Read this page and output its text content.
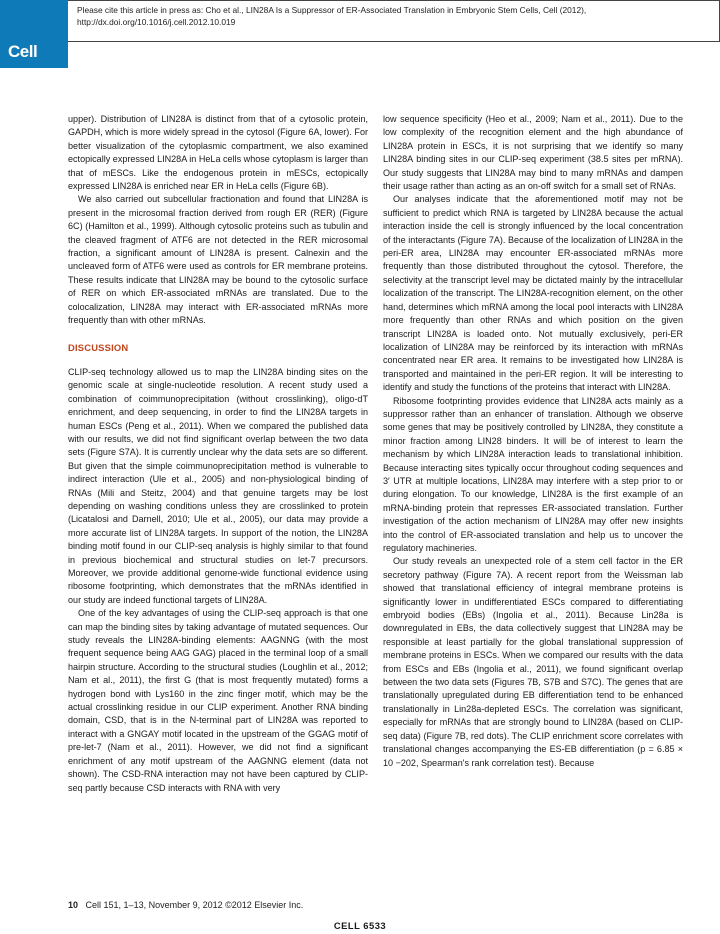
Cell
Please cite this article in press as: Cho et al., LIN28A Is a Suppressor of ER-Associated Translation in Embryonic Stem Cells, Cell (2012),
http://dx.doi.org/10.1016/j.cell.2012.10.019

upper). Distribution of LIN28A is distinct from that of a cytosolic protein, GAPDH, which is more widely spread in the cytosol (Figure 6A, lower). For better visualization of the cytoplasmic compartment, we also examined ectopically expressed LIN28A in HeLa cells whose cytoplasm is larger than that of mESCs. Like the endogenous protein in mESCs, ectopically expressed LIN28A is enriched near ER in HeLa cells (Figure 6B).

We also carried out subcellular fractionation and found that LIN28A is present in the microsomal fraction derived from rough ER (RER) (Figure 6C) (Hamilton et al., 1999). Although cytosolic proteins such as tubulin and the cleaved fragment of ATF6 are not detected in the RER microsomal fraction, a significant amount of LIN28A is present. Calnexin and the uncleaved form of ATF6 were used as controls for ER membrane proteins. These results indicate that LIN28A may be bound to the cytosolic surface of RER on which ER-associated mRNAs are translated. Due to the colocalization, LIN28A may interact with ER-associated mRNAs more frequently than with other mRNAs.

DISCUSSION

CLIP-seq technology allowed us to map the LIN28A binding sites on the genomic scale at single-nucleotide resolution. A recent study used a combination of coimmunoprecipitation (without crosslinking), oligo-dT enrichment, and deep sequencing, in order to find the LIN28A targets in human ESCs (Peng et al., 2011). When we compared the published data with our results, we did not find significant overlap between the two data sets (Figure S7A). It is currently unclear why the data sets are so different. But given that the simple coimmunoprecipitation method is vulnerable to indirect interaction (Ule et al., 2005) and non-physiological binding of RNAs (Mili and Steitz, 2004) and that genuine targets may be lost depending on washing conditions unless they are crosslinked to protein (Licatalosi and Darnell, 2010; Ule et al., 2005), our data may provide a more accurate list of LIN28A targets. In support of the notion, the LIN28A binding motif found in our CLIP-seq analysis is highly similar to that found in previous biochemical and structural studies on let-7 precursors. Moreover, we provide additional genome-wide functional evidence using ribosome footprinting, which demonstrates that the mRNAs identified in our study are indeed functional targets of LIN28A.

One of the key advantages of using the CLIP-seq approach is that one can map the binding sites by taking advantage of mutated sequences. Our study reveals the LIN28A-binding elements: AAGNNG (with the most frequent sequence being AAG GAG) placed in the terminal loop of a small hairpin structure. According to the structural studies (Loughlin et al., 2012; Nam et al., 2011), the first G (that is most frequently mutated) forms a hydrogen bond with Lys160 in the zinc finger motif, which may be the actual crosslinking residue in our CLIP experiment. Another RNA binding domain, CSD, that is in the N-terminal part of LIN28A was reported to interact with a GNGAY motif located in the upstream of the GGAG motif of pre-let-7 (Nam et al., 2011). However, we did not find a significant enrichment of any motif upstream of the AAGNNG element (data not shown). The CSD-RNA interaction may not have been captured by CLIP-seq partly because CSD interacts with RNA with very

low sequence specificity (Heo et al., 2009; Nam et al., 2011). Due to the low complexity of the recognition element and the high abundance of LIN28A protein in ESCs, it is not surprising that we identify so many LIN28A binding sites in our CLIP-seq experiment (38.5 sites per mRNA). Our study suggests that LIN28A may bind to many mRNAs and dampen their usage rather than acting as an on-off switch for a small set of RNAs.

Our analyses indicate that the aforementioned motif may not be sufficient to predict which RNA is targeted by LIN28A because the actual interaction inside the cell is strongly influenced by the local concentration of the interactants (Figure 7A). Because of the localization of LIN28A in the peri-ER area, LIN28A may encounter ER-associated mRNAs more frequently than those distributed throughout the cytosol. Therefore, the selectivity at the transcript level may be dictated mainly by the intracellular localization of the transcript. The LIN28A-recognition element, on the other hand, determines which mRNA among the local pool interacts with LIN28A more frequently than other RNAs and which position on the given transcript LIN28A is loaded onto. Not mutually exclusively, peri-ER localization of LIN28A may be reinforced by its interaction with mRNAs concentrated near ER area. It remains to be investigated how LIN28A is transported and maintained in the peri-ER region. It will be interesting to identify and study the functions of the proteins that interact with LIN28A.

Ribosome footprinting provides evidence that LIN28A acts mainly as a suppressor rather than an enhancer of translation. Although we observe some genes that may be positively controlled by LIN28A, they constitute a minor fraction among LIN28 binders. It will be of interest to learn the mechanism by which LIN28A interaction leads to translational inhibition. Because interacting sites typically occur throughout coding sequences and 3′ UTR at multiple locations, LIN28A may interfere with a step prior to or during elongation. To our knowledge, LIN28A is the first example of an mRNA-binding protein that represses ER-associated translation. Further investigation of the action mechanism of LIN28A may offer new insights into the control of ER-associated translation and help us to uncover the regulatory machineries.

Our study reveals an unexpected role of a stem cell factor in the ER secretory pathway (Figure 7A). A recent report from the Weissman lab showed that translational efficiency of integral membrane proteins is significantly lower in undifferentiated ESCs compared to differentiating embryoid bodies (EBs) (Ingolia et al., 2011). Because Lin28a is downregulated in EBs, the data collectively suggest that LIN28A may be responsible at least partially for the global translational suppression of membrane proteins in ESCs. When we compared our results with the data from ESCs and EBs (Ingolia et al., 2011), we found significant overlap between the two data sets (Figures 7B, S7B and S7C). The genes that are translationally upregulated during EB differentiation tend to be enhanced translationally in Lin28a-depleted ESCs. The correlation was significant, especially for mRNAs that are strongly bound to LIN28A (based on CLIP-seq data) (Figure 7B, red dots). The CLIP enrichment score correlates with translational changes accompanying the ES-EB differentiation (p = 6.85 × 10 −202, Spearman's rank correlation test). Because

10 Cell 151, 1–13, November 9, 2012 ©2012 Elsevier Inc.
CELL 6533
